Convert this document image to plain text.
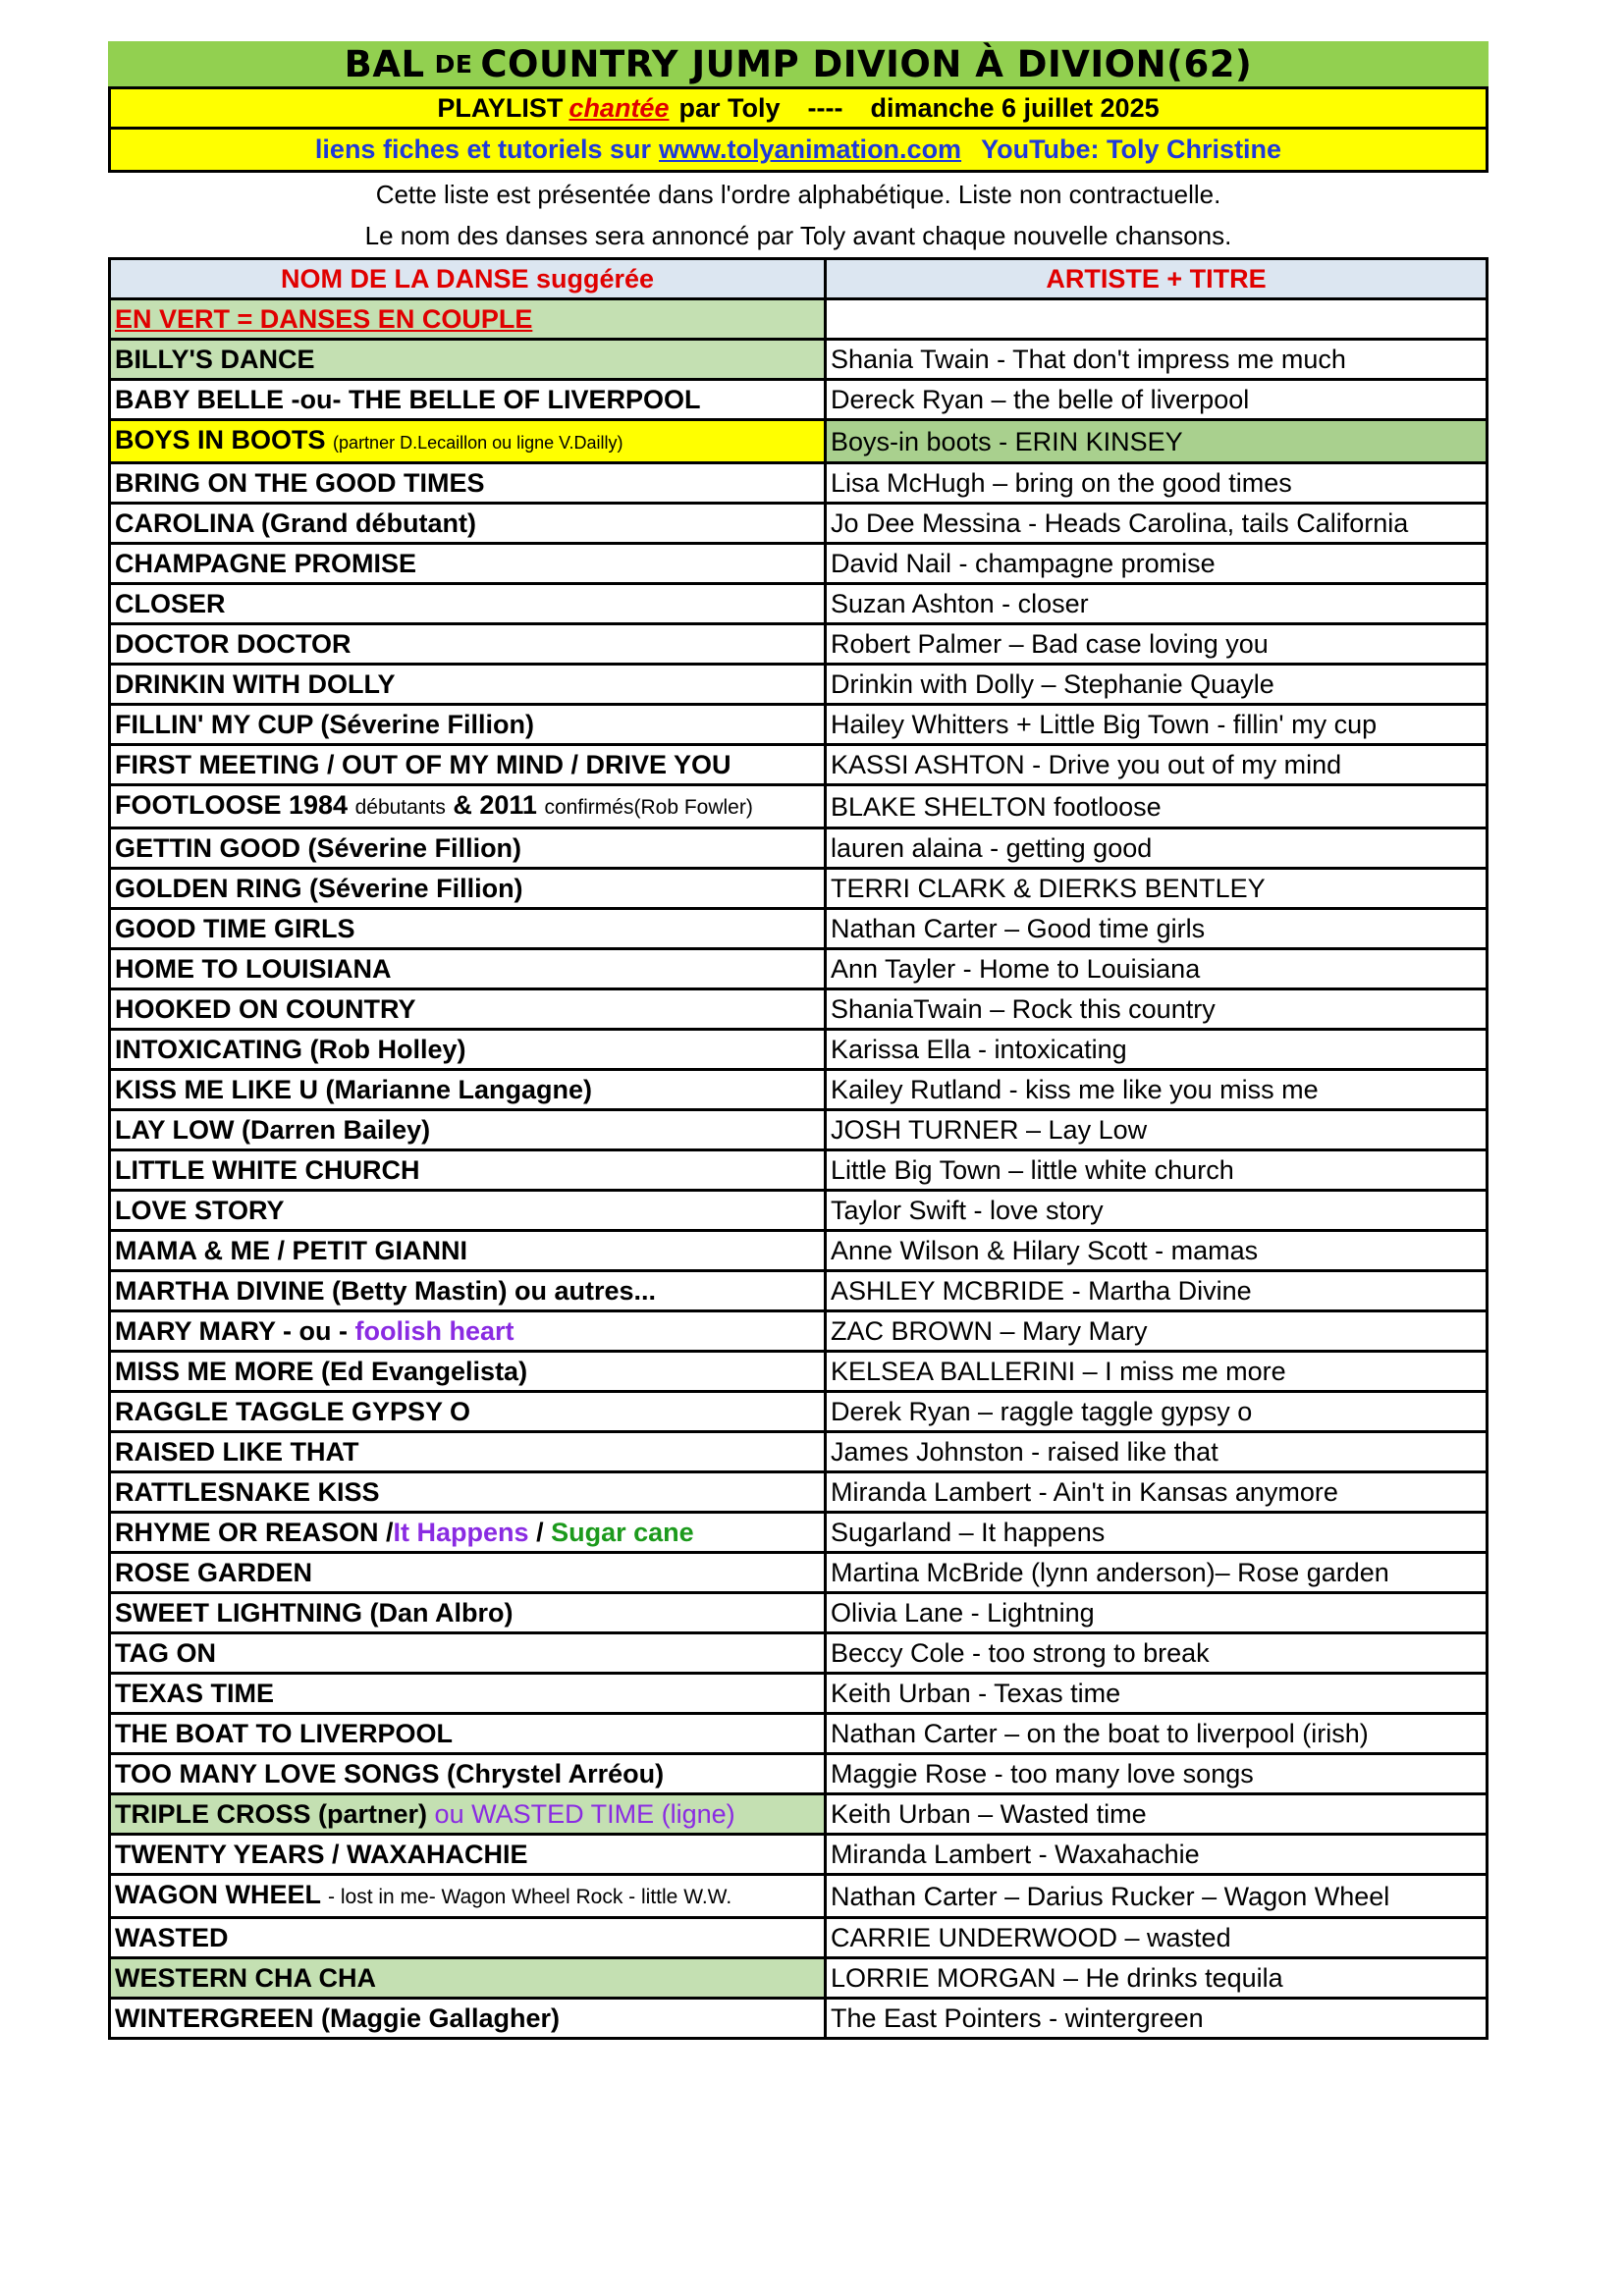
BAL DE COUNTRY JUMP DIVION À DIVION(62)
PLAYLIST chantée par Toly ---- dimanche 6 juillet 2025
liens fiches et tutoriels sur www.tolyanimation.com YouTube: Toly Christine
Cette liste est présentée dans l'ordre alphabétique. Liste non contractuelle.
Le nom des danses sera annoncé par Toly avant chaque nouvelle chansons.
NOM DE LA DANSE suggérée	ARTISTE + TITRE
EN VERT = DANSES EN COUPLE	
BILLY'S DANCE	Shania Twain - That don't impress me much
BABY BELLE -ou- THE BELLE OF LIVERPOOL	Dereck Ryan – the belle of liverpool
BOYS IN BOOTS (partner D.Lecaillon ou ligne V.Dailly)	Boys-in boots - ERIN KINSEY
BRING ON THE GOOD TIMES	Lisa McHugh – bring on the good times
CAROLINA (Grand débutant)	Jo Dee Messina - Heads Carolina, tails California
CHAMPAGNE PROMISE	David Nail - champagne promise
CLOSER	Suzan Ashton - closer
DOCTOR DOCTOR	Robert Palmer – Bad case loving you
DRINKIN WITH DOLLY	Drinkin with Dolly – Stephanie Quayle
FILLIN' MY CUP (Séverine Fillion)	Hailey Whitters + Little Big Town - fillin' my cup
FIRST MEETING / OUT OF MY MIND / DRIVE YOU	KASSI ASHTON - Drive you out of my mind
FOOTLOOSE 1984 débutants & 2011 confirmés(Rob Fowler)	BLAKE SHELTON footloose
GETTIN GOOD (Séverine Fillion)	lauren alaina - getting good
GOLDEN RING (Séverine Fillion)	TERRI CLARK & DIERKS BENTLEY
GOOD TIME GIRLS	Nathan Carter – Good time girls
HOME TO LOUISIANA	Ann Tayler - Home to Louisiana
HOOKED ON COUNTRY	ShaniaTwain – Rock this country
INTOXICATING (Rob Holley)	Karissa Ella - intoxicating
KISS ME LIKE U (Marianne Langagne)	Kailey Rutland - kiss me like you miss me
LAY LOW (Darren Bailey)	JOSH TURNER – Lay Low
LITTLE WHITE CHURCH	Little Big Town – little white church
LOVE STORY	Taylor Swift - love story
MAMA & ME / PETIT GIANNI	Anne Wilson & Hilary Scott - mamas
MARTHA DIVINE (Betty Mastin) ou autres...	ASHLEY MCBRIDE - Martha Divine
MARY MARY - ou - foolish heart	ZAC BROWN – Mary Mary
MISS ME MORE (Ed Evangelista)	KELSEA BALLERINI – I miss me more
RAGGLE TAGGLE GYPSY O	Derek Ryan – raggle taggle gypsy o
RAISED LIKE THAT	James Johnston - raised like that
RATTLESNAKE KISS	Miranda Lambert - Ain't in Kansas anymore
RHYME OR REASON /It Happens / Sugar cane	Sugarland – It happens
ROSE GARDEN	Martina McBride (lynn anderson)– Rose garden
SWEET LIGHTNING (Dan Albro)	Olivia Lane - Lightning
TAG ON	Beccy Cole - too strong to break
TEXAS TIME	Keith Urban - Texas time
THE BOAT TO LIVERPOOL	Nathan Carter – on the boat to liverpool (irish)
TOO MANY LOVE SONGS (Chrystel Arréou)	Maggie Rose - too many love songs
TRIPLE CROSS (partner) ou WASTED TIME (ligne)	Keith Urban – Wasted time
TWENTY YEARS / WAXAHACHIE	Miranda Lambert - Waxahachie
WAGON WHEEL - lost in me- Wagon Wheel Rock - little W.W.	Nathan Carter – Darius Rucker – Wagon Wheel
WASTED	CARRIE UNDERWOOD – wasted
WESTERN CHA CHA	LORRIE MORGAN – He drinks tequila
WINTERGREEN (Maggie Gallagher)	The East Pointers - wintergreen
